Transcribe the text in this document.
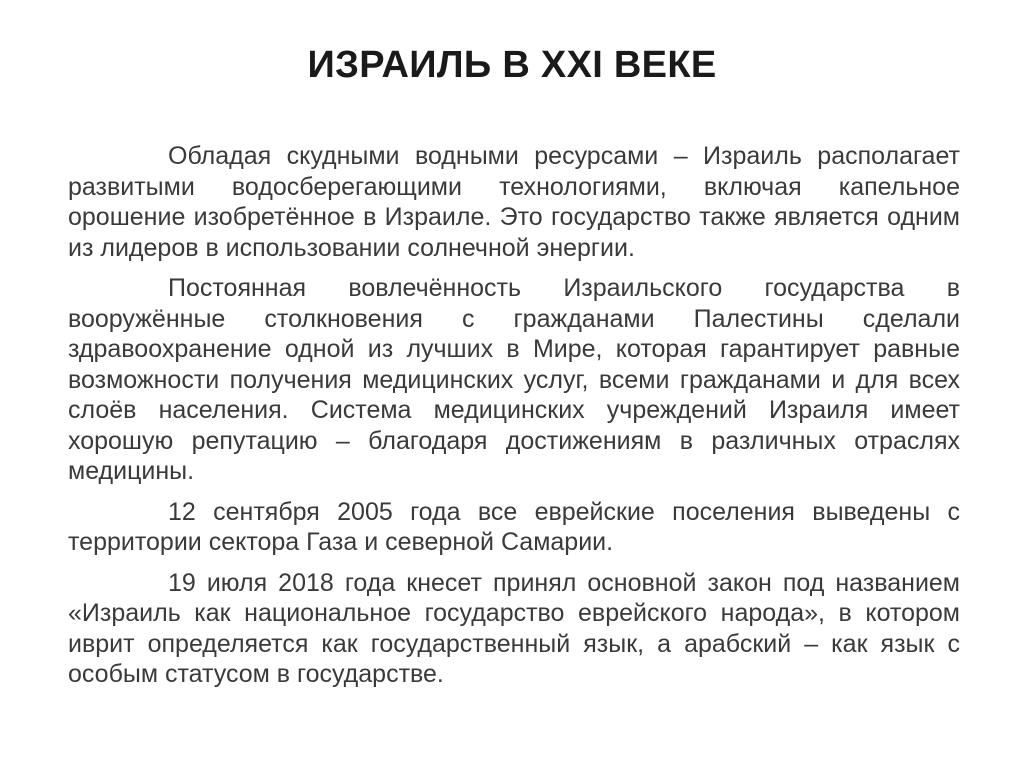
ИЗРАИЛЬ В XXI ВЕКЕ

Обладая скудными водными ресурсами – Израиль располагает развитыми водосберегающими технологиями, включая капельное орошение изобретённое в Израиле. Это государство также является одним из лидеров в использовании солнечной энергии.

Постоянная вовлечённость Израильского государства в вооружённые столкновения с гражданами Палестины сделали здравоохранение одной из лучших в Мире, которая гарантирует равные возможности получения медицинских услуг, всеми гражданами и для всех слоёв населения. Система медицинских учреждений Израиля имеет хорошую репутацию – благодаря достижениям в различных отраслях медицины.

12 сентября 2005 года все еврейские поселения выведены с территории сектора Газа и северной Самарии.

19 июля 2018 года кнесет принял основной закон под названием «Израиль как национальное государство еврейского народа», в котором иврит определяется как государственный язык, а арабский – как язык с особым статусом в государстве.
